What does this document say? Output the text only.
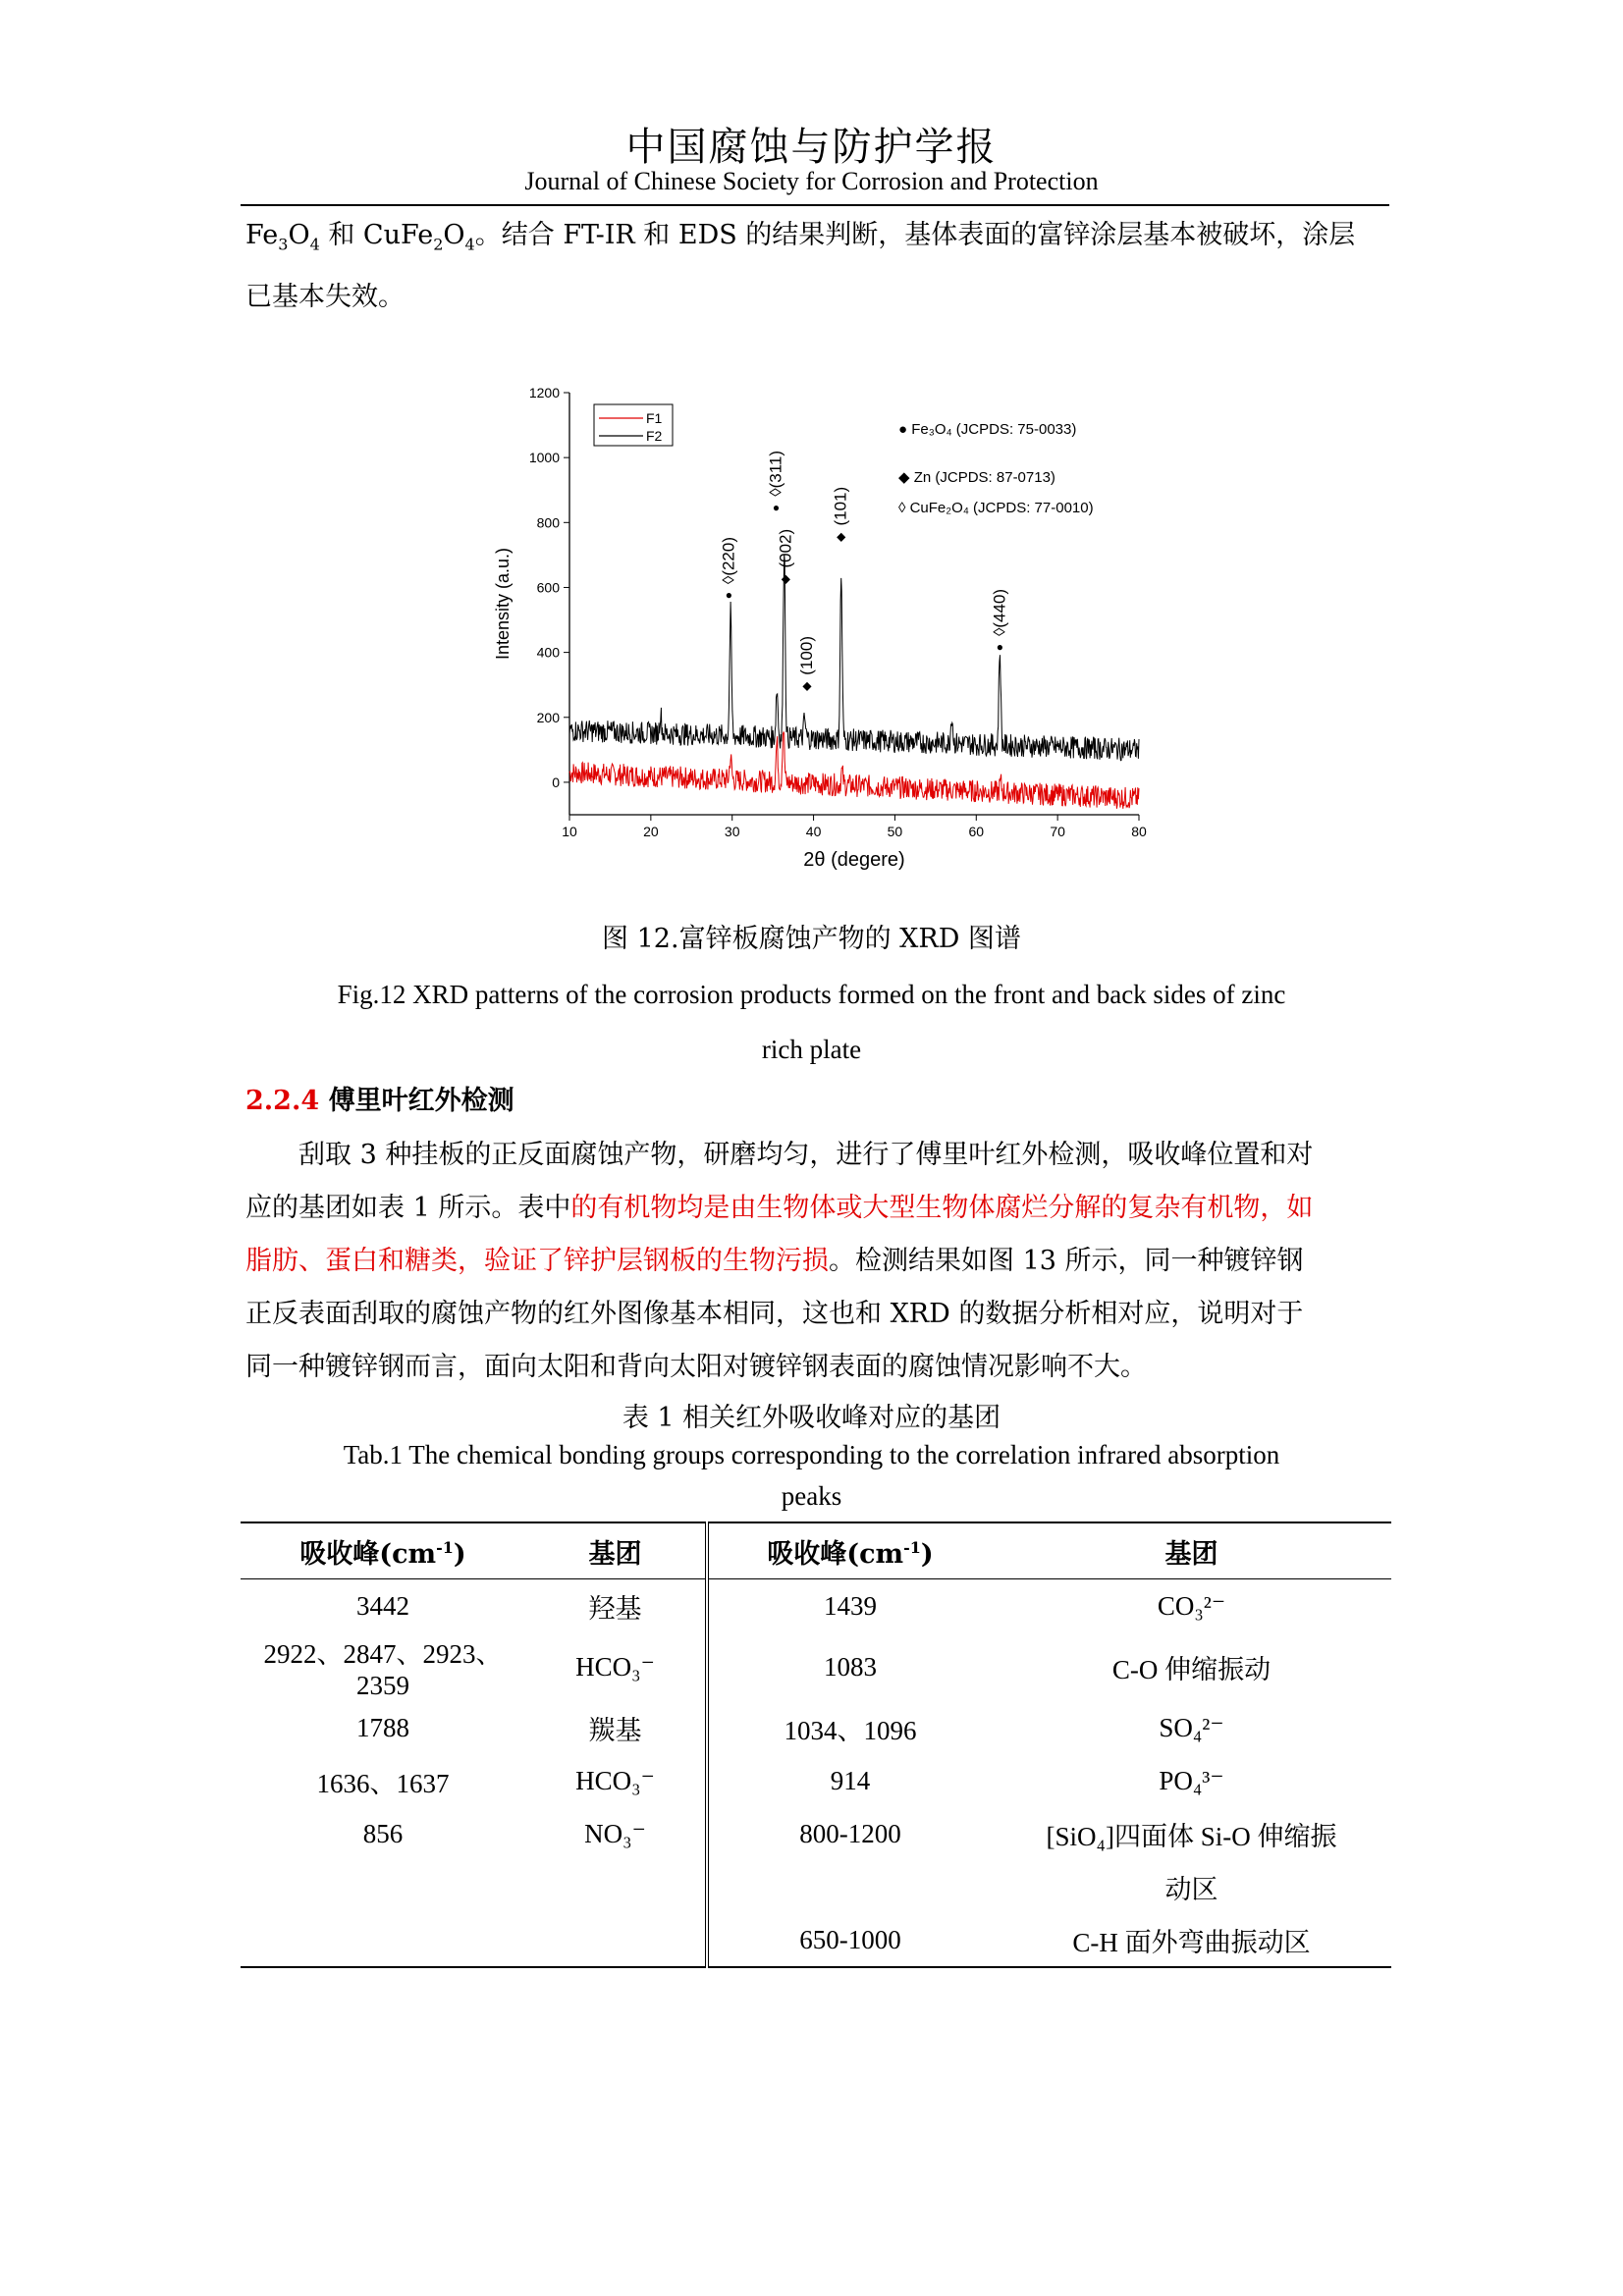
中国腐蚀与防护学报
Journal of Chinese Society for Corrosion and Protection
$Fe_3O_4$ 和 $CuFe_2O_4$。结合 FT-IR 和 EDS 的结果判断，基体表面的富锌涂层基本被破坏，涂层
已基本失效。
0
200
400
600
800
1000
1200
10	20	30	40	50	60	70	80
2θ (degere)
Intensity (a.u.)
F1
F2	● Fe₃O₄ (JCPDS: 75-0033)
◆ Zn (JCPDS: 87-0713)
◊ CuFe₂O₄ (JCPDS: 77-0010)
●
◊(220)
●
◊(311)
◆
(002)
◆
(100)
◆
(101)
●
◊(440)
图 12.富锌板腐蚀产物的 XRD 图谱
Fig.12 XRD patterns of the corrosion products formed on the front and back sides of zinc
rich plate
2.2.4 傅里叶红外检测
刮取 3 种挂板的正反面腐蚀产物，研磨均匀，进行了傅里叶红外检测，吸收峰位置和对
应的基团如表 1 所示。表中的有机物均是由生物体或大型生物体腐烂分解的复杂有机物，如
脂肪、蛋白和糖类，验证了锌护层钢板的生物污损。检测结果如图 13 所示，同一种镀锌钢
正反表面刮取的腐蚀产物的红外图像基本相同，这也和 XRD 的数据分析相对应，说明对于
同一种镀锌钢而言，面向太阳和背向太阳对镀锌钢表面的腐蚀情况影响不大。
表 1 相关红外吸收峰对应的基团
Tab.1 The chemical bonding groups corresponding to the correlation infrared absorption
peaks
吸收峰$(cm^{-1})$	基团	吸收峰$(cm^{-1})$	基团
3442	羟基	1439	CO₃²⁻
2922、2847、2923、2359	HCO₃⁻	1083	C-O 伸缩振动
1788	羰基	1034、1096	SO₄²⁻
1636、1637	HCO₃⁻	914	PO₄³⁻
856	NO₃⁻	800-1200	[SiO₄]四面体 Si-O 伸缩振
			动区
		650-1000	C-H 面外弯曲振动区
